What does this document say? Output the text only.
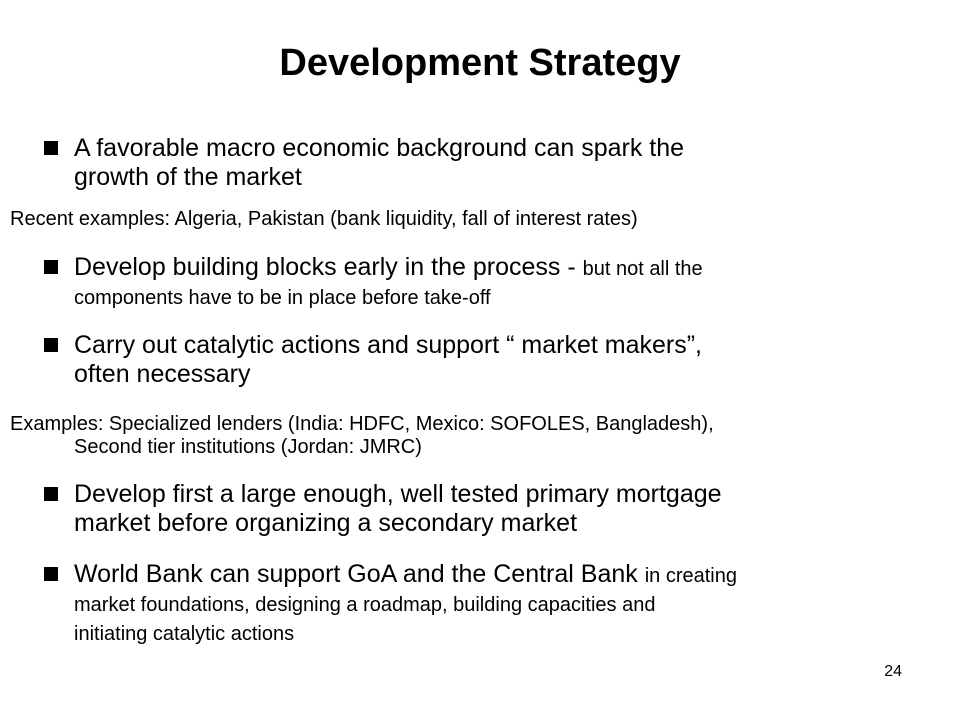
Development Strategy
A favorable macro economic background can spark the
growth of the market
Recent examples: Algeria, Pakistan (bank liquidity, fall of interest rates)
Develop building blocks early in the process - but not all the
components have to be in place before take-off
Carry out catalytic actions and support “ market makers”,
often necessary
Examples: Specialized lenders (India: HDFC, Mexico: SOFOLES, Bangladesh),
Second tier institutions (Jordan: JMRC)
Develop first a large enough, well tested primary mortgage
market before organizing a secondary market
World Bank can support GoA and the Central Bank in creating
market foundations, designing a roadmap, building capacities and
initiating catalytic actions
24
